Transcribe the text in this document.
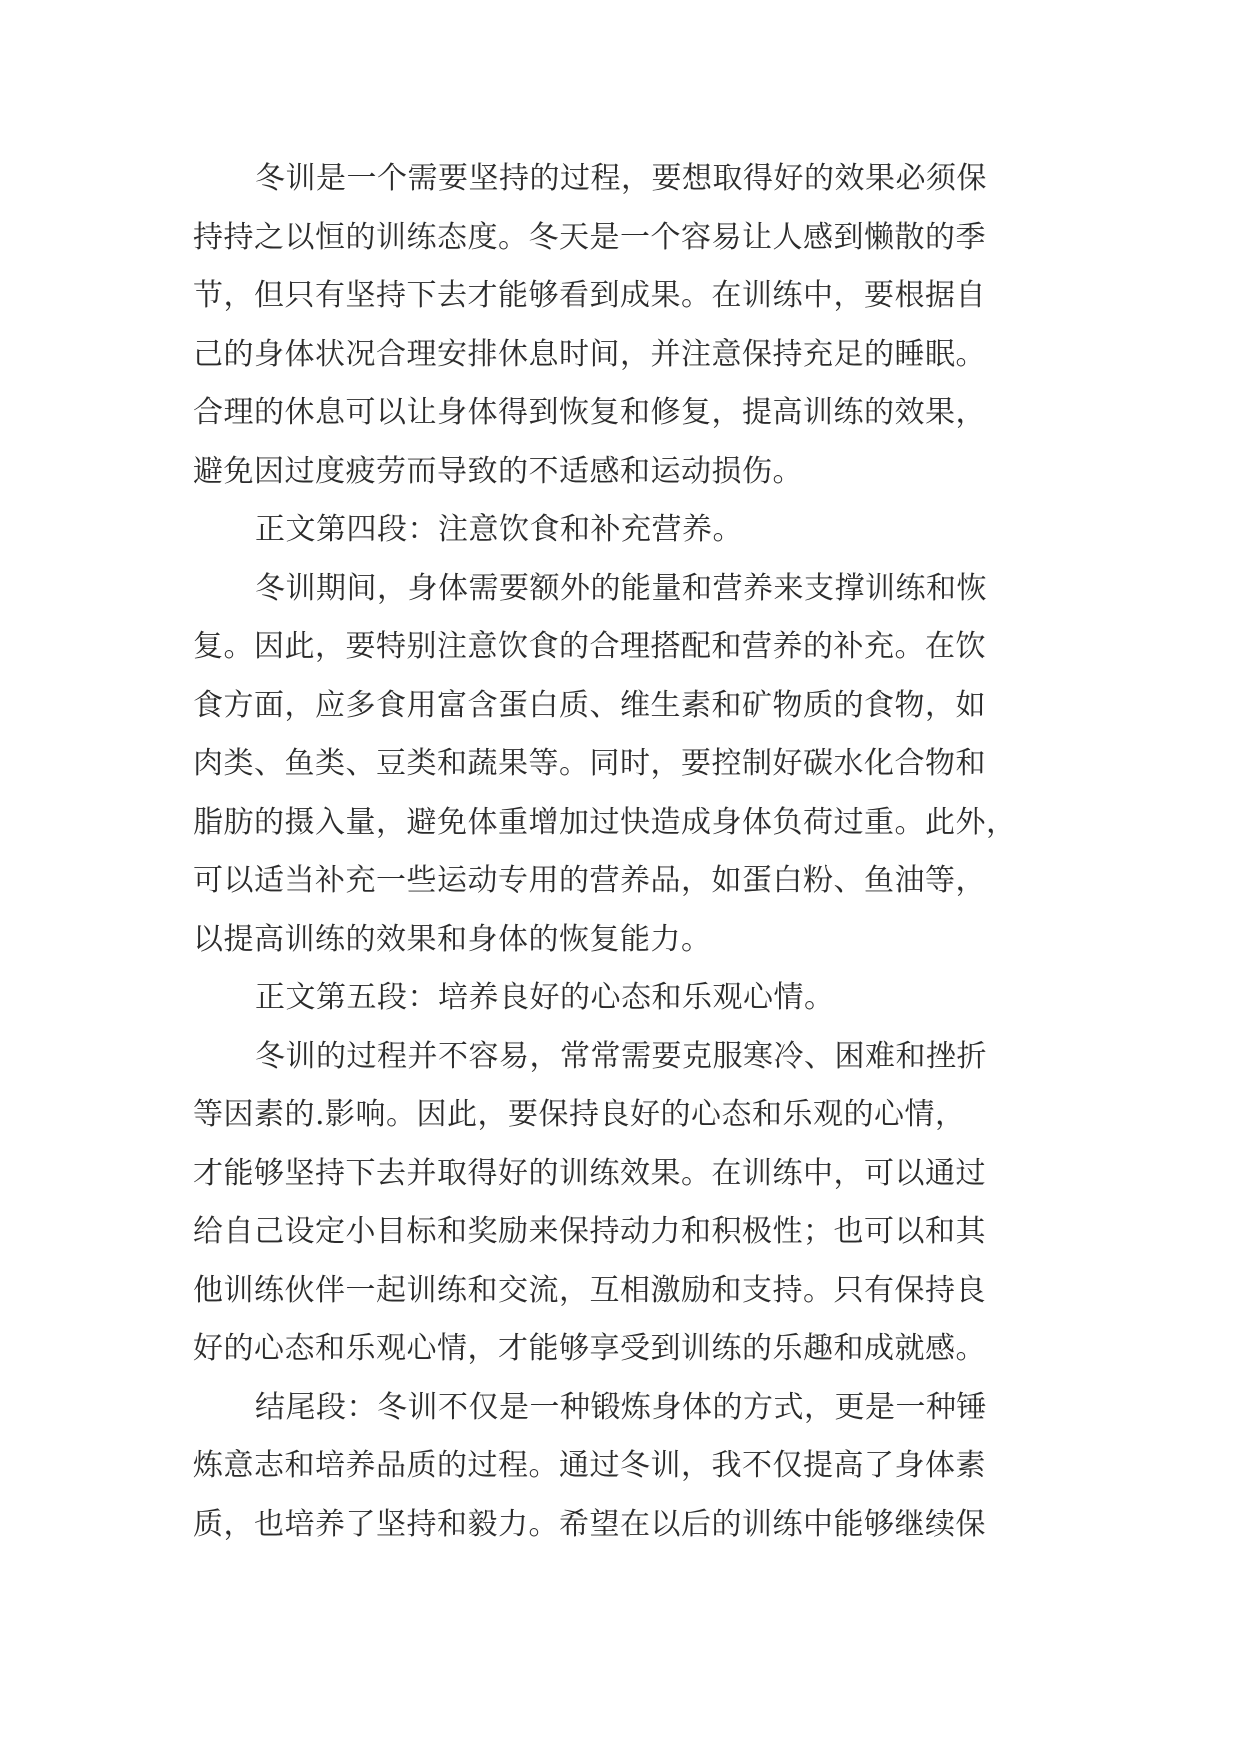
冬训是一个需要坚持的过程，要想取得好的效果必须保
持持之以恒的训练态度。冬天是一个容易让人感到懒散的季
节，但只有坚持下去才能够看到成果。在训练中，要根据自
己的身体状况合理安排休息时间，并注意保持充足的睡眠。
合理的休息可以让身体得到恢复和修复，提高训练的效果，
避免因过度疲劳而导致的不适感和运动损伤。
正文第四段：注意饮食和补充营养。
冬训期间，身体需要额外的能量和营养来支撑训练和恢
复。因此，要特别注意饮食的合理搭配和营养的补充。在饮
食方面，应多食用富含蛋白质、维生素和矿物质的食物，如
肉类、鱼类、豆类和蔬果等。同时，要控制好碳水化合物和
脂肪的摄入量，避免体重增加过快造成身体负荷过重。此外，
可以适当补充一些运动专用的营养品，如蛋白粉、鱼油等，
以提高训练的效果和身体的恢复能力。
正文第五段：培养良好的心态和乐观心情。
冬训的过程并不容易，常常需要克服寒冷、困难和挫折
等因素的.影响。因此，要保持良好的心态和乐观的心情，
才能够坚持下去并取得好的训练效果。在训练中，可以通过
给自己设定小目标和奖励来保持动力和积极性；也可以和其
他训练伙伴一起训练和交流，互相激励和支持。只有保持良
好的心态和乐观心情，才能够享受到训练的乐趣和成就感。
结尾段：冬训不仅是一种锻炼身体的方式，更是一种锤
炼意志和培养品质的过程。通过冬训，我不仅提高了身体素
质，也培养了坚持和毅力。希望在以后的训练中能够继续保
